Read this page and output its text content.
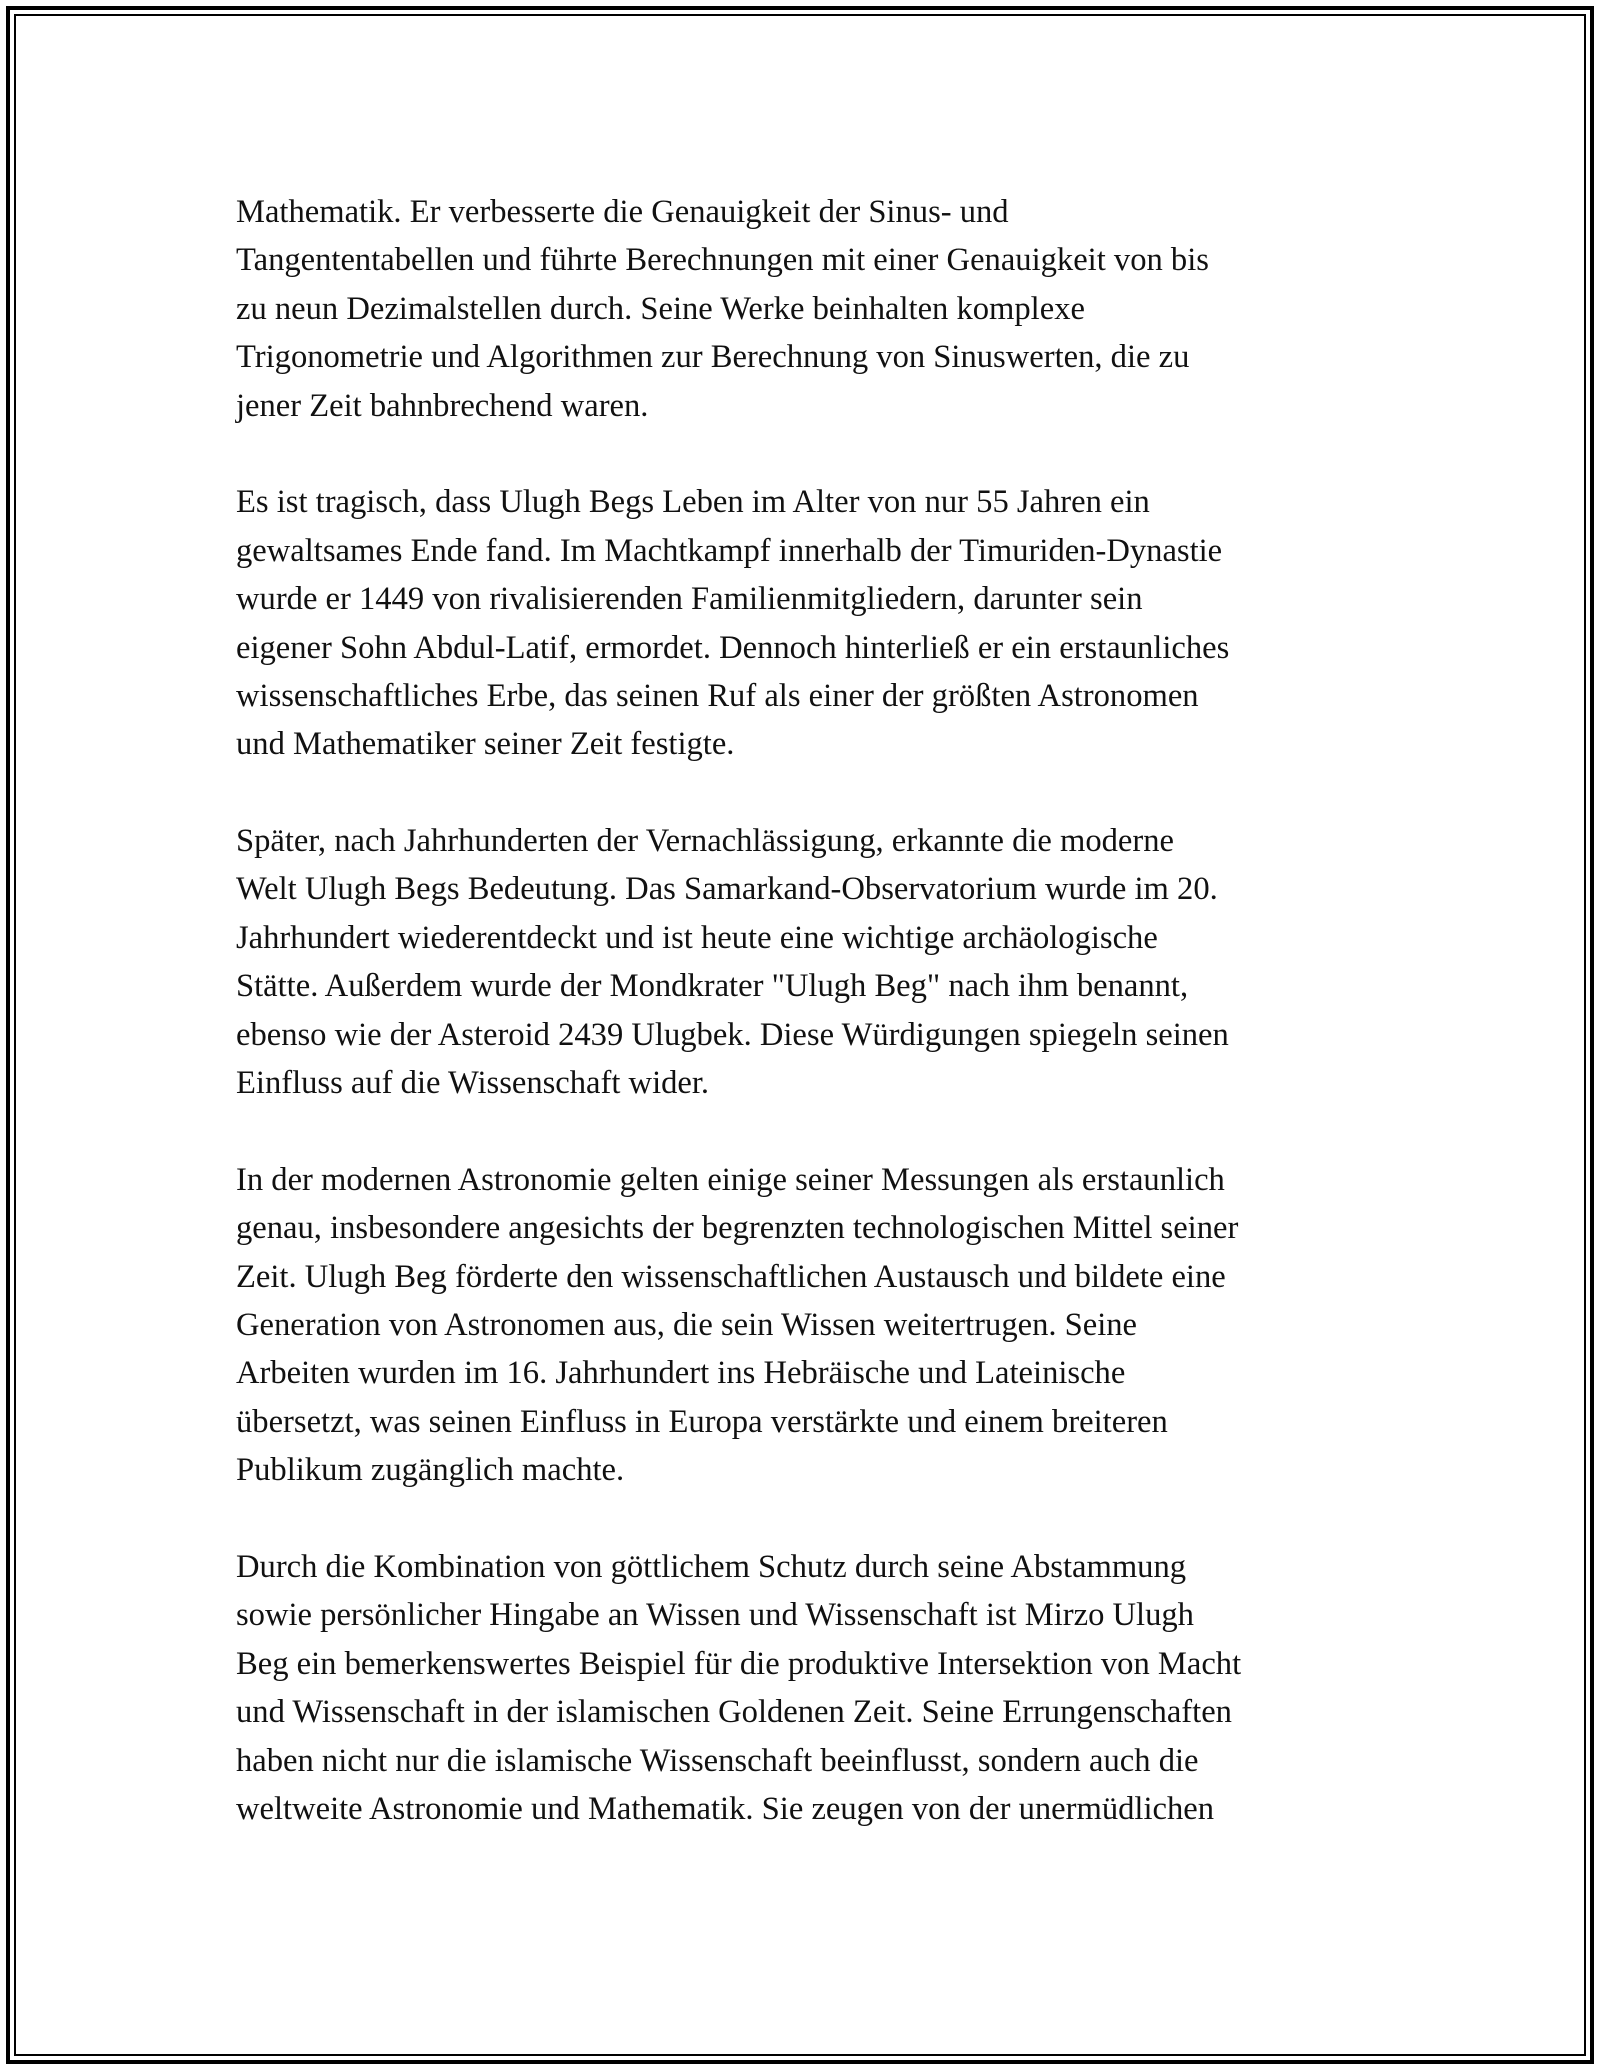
Mathematik. Er verbesserte die Genauigkeit der Sinus- und
Tangententabellen und führte Berechnungen mit einer Genauigkeit von bis
zu neun Dezimalstellen durch. Seine Werke beinhalten komplexe
Trigonometrie und Algorithmen zur Berechnung von Sinuswerten, die zu
jener Zeit bahnbrechend waren.
Es ist tragisch, dass Ulugh Begs Leben im Alter von nur 55 Jahren ein
gewaltsames Ende fand. Im Machtkampf innerhalb der Timuriden-Dynastie
wurde er 1449 von rivalisierenden Familienmitgliedern, darunter sein
eigener Sohn Abdul-Latif, ermordet. Dennoch hinterließ er ein erstaunliches
wissenschaftliches Erbe, das seinen Ruf als einer der größten Astronomen
und Mathematiker seiner Zeit festigte.
Später, nach Jahrhunderten der Vernachlässigung, erkannte die moderne
Welt Ulugh Begs Bedeutung. Das Samarkand-Observatorium wurde im 20.
Jahrhundert wiederentdeckt und ist heute eine wichtige archäologische
Stätte. Außerdem wurde der Mondkrater "Ulugh Beg" nach ihm benannt,
ebenso wie der Asteroid 2439 Ulugbek. Diese Würdigungen spiegeln seinen
Einfluss auf die Wissenschaft wider.
In der modernen Astronomie gelten einige seiner Messungen als erstaunlich
genau, insbesondere angesichts der begrenzten technologischen Mittel seiner
Zeit. Ulugh Beg förderte den wissenschaftlichen Austausch und bildete eine
Generation von Astronomen aus, die sein Wissen weitertrugen. Seine
Arbeiten wurden im 16. Jahrhundert ins Hebräische und Lateinische
übersetzt, was seinen Einfluss in Europa verstärkte und einem breiteren
Publikum zugänglich machte.
Durch die Kombination von göttlichem Schutz durch seine Abstammung
sowie persönlicher Hingabe an Wissen und Wissenschaft ist Mirzo Ulugh
Beg ein bemerkenswertes Beispiel für die produktive Intersektion von Macht
und Wissenschaft in der islamischen Goldenen Zeit. Seine Errungenschaften
haben nicht nur die islamische Wissenschaft beeinflusst, sondern auch die
weltweite Astronomie und Mathematik. Sie zeugen von der unermüdlichen
